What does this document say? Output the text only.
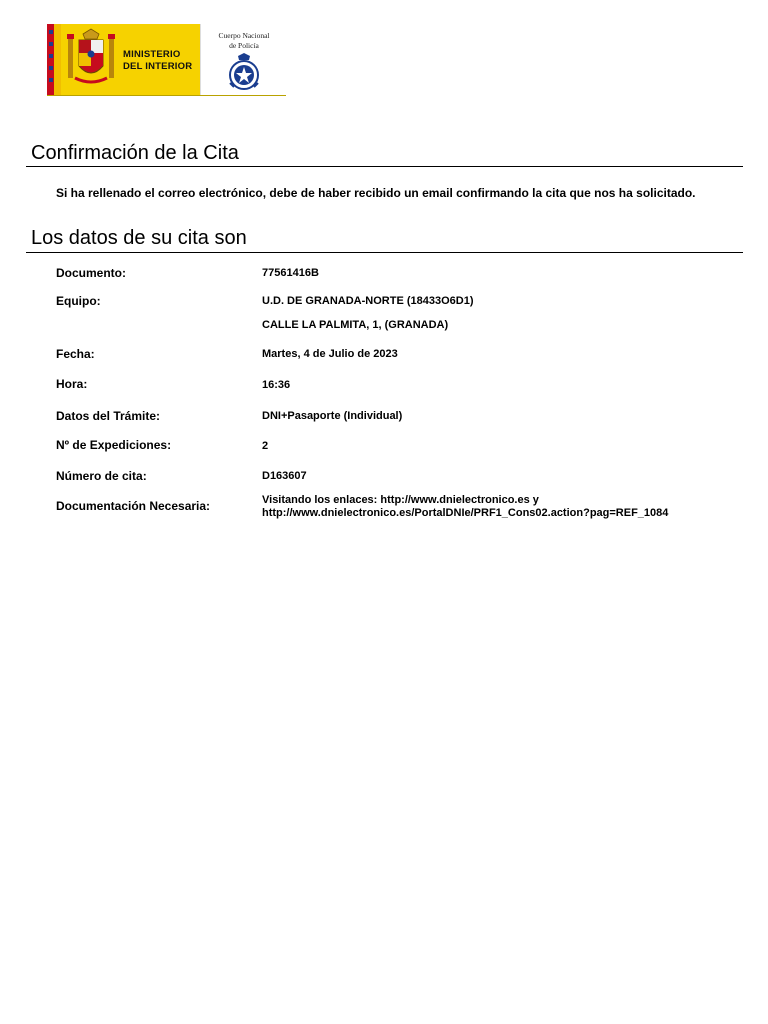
MINISTERIO
DEL INTERIOR
Cuerpo Nacional
de Policía
Confirmación de la Cita
Si ha rellenado el correo electrónico, debe de haber recibido un email confirmando la cita que nos ha solicitado.
Los datos de su cita son
Documento:	77561416B
Equipo:	U.D. DE GRANADA-NORTE (18433O6D1)
CALLE LA PALMITA, 1, (GRANADA)
Fecha:	Martes, 4 de Julio de 2023
Hora:	16:36
Datos del Trámite:	DNI+Pasaporte (Individual)
Nº de Expediciones:	2
Número de cita:	D163607
Documentación Necesaria:	Visitando los enlaces: http://www.dnielectronico.es y
http://www.dnielectronico.es/PortalDNIe/PRF1_Cons02.action?pag=REF_1084
